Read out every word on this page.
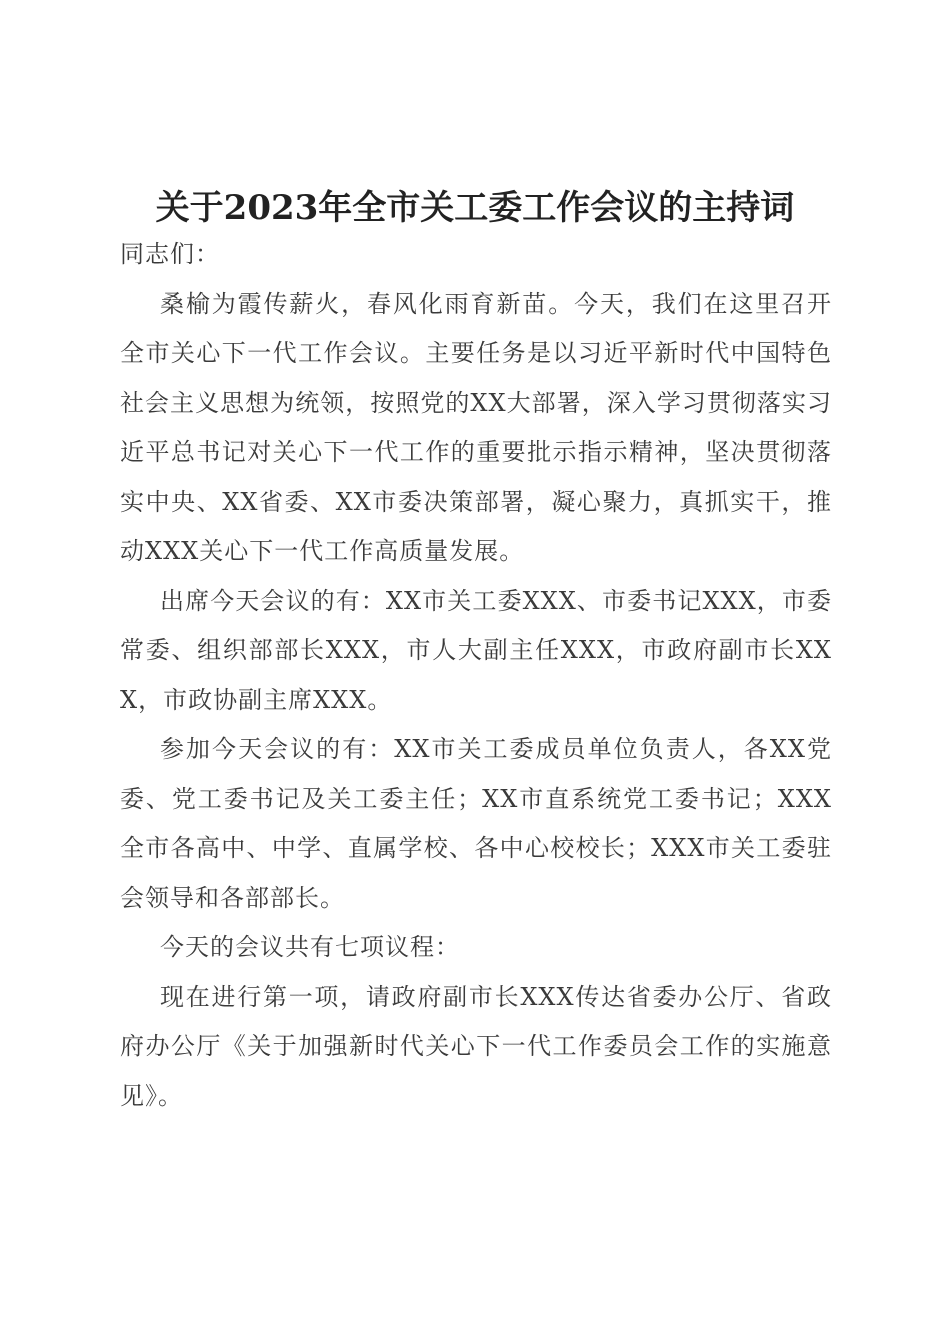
关于2023年全市关工委工作会议的主持词

同志们：

桑榆为霞传薪火，春风化雨育新苗。今天，我们在这里召开全市关心下一代工作会议。主要任务是以习近平新时代中国特色社会主义思想为统领，按照党的XX大部署，深入学习贯彻落实习近平总书记对关心下一代工作的重要批示指示精神，坚决贯彻落实中央、XX省委、XX市委决策部署，凝心聚力，真抓实干，推动XXX关心下一代工作高质量发展。

出席今天会议的有：XX市关工委XXX、市委书记XXX，市委常委、组织部部长XXX，市人大副主任XXX，市政府副市长XXX，市政协副主席XXX。

参加今天会议的有：XX市关工委成员单位负责人，各XX党委、党工委书记及关工委主任；XX市直系统党工委书记；XXX全市各高中、中学、直属学校、各中心校校长；XXX市关工委驻会领导和各部部长。

今天的会议共有七项议程：

现在进行第一项，请政府副市长XXX传达省委办公厅、省政府办公厅《关于加强新时代关心下一代工作委员会工作的实施意见》。
